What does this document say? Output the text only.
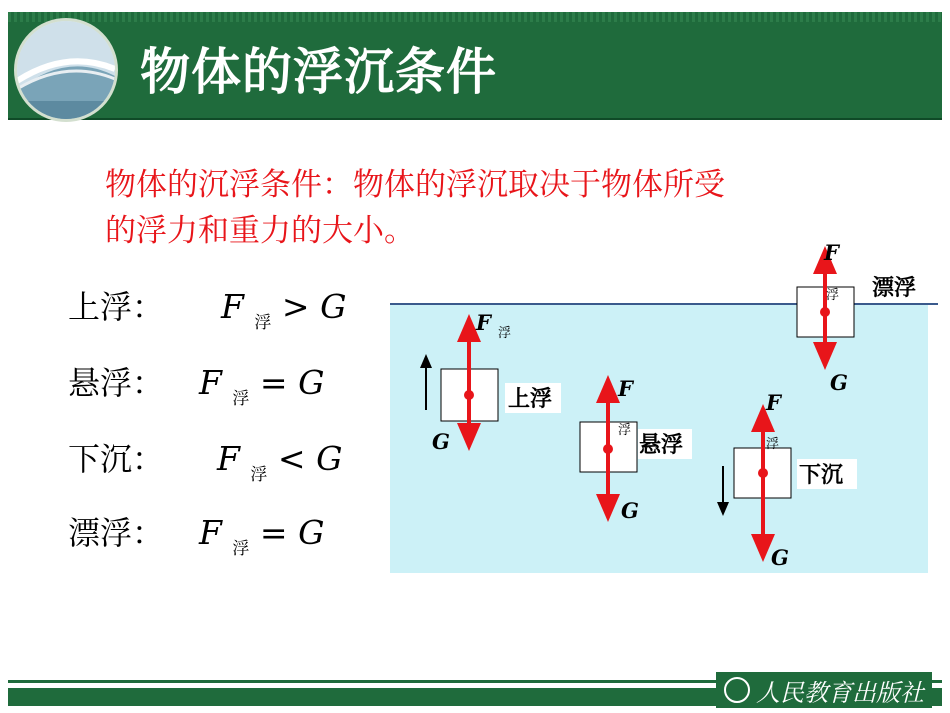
物体的浮沉条件
物体的沉浮条件：物体的浮沉取决于物体所受的浮力和重力的大小。
上浮： F $_浮$ > G
悬浮： F $_浮$ = G
下沉： F $_浮$ < G
漂浮： F $_浮$ = G
F 浮
G
上浮	F
浮
G
悬浮
F
浮
G
下沉
F
浮
G
漂浮
人民教育出版社
